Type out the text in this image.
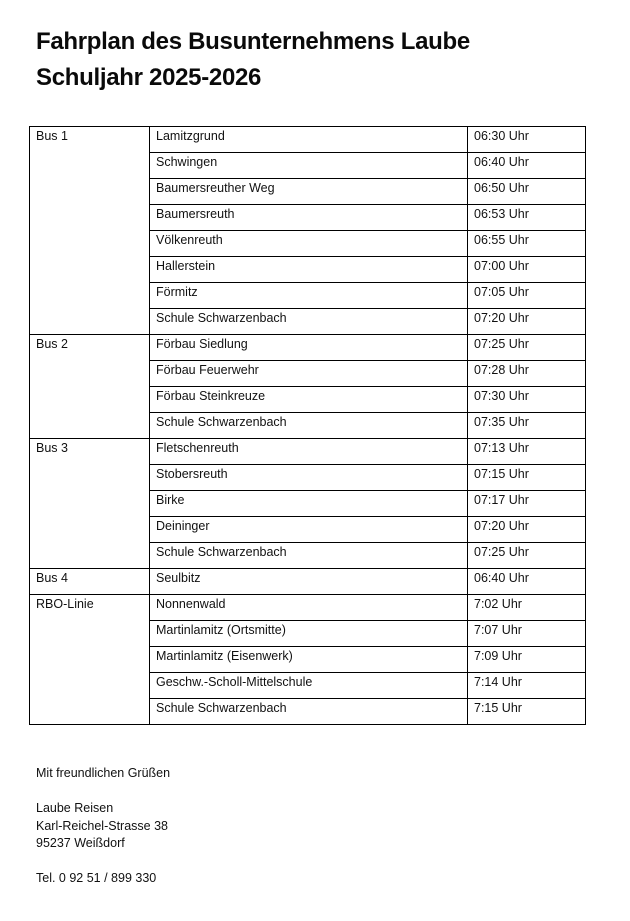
Fahrplan des Busunternehmens Laube
Schuljahr 2025-2026
Bus 1	Lamitzgrund	06:30 Uhr
	Schwingen	06:40 Uhr
	Baumersreuther Weg	06:50 Uhr
	Baumersreuth	06:53 Uhr
	Völkenreuth	06:55 Uhr
	Hallerstein	07:00 Uhr
	Förmitz	07:05 Uhr
	Schule Schwarzenbach	07:20 Uhr
Bus 2	Förbau Siedlung	07:25 Uhr
	Förbau Feuerwehr	07:28 Uhr
	Förbau Steinkreuze	07:30 Uhr
	Schule Schwarzenbach	07:35 Uhr
Bus 3	Fletschenreuth	07:13 Uhr
	Stobersreuth	07:15 Uhr
	Birke	07:17 Uhr
	Deininger	07:20 Uhr
	Schule Schwarzenbach	07:25 Uhr
Bus 4	Seulbitz	06:40 Uhr
RBO-Linie	Nonnenwald	7:02 Uhr
	Martinlamitz (Ortsmitte)	7:07 Uhr
	Martinlamitz (Eisenwerk)	7:09 Uhr
	Geschw.-Scholl-Mittelschule	7:14 Uhr
	Schule Schwarzenbach	7:15 Uhr
Mit freundlichen Grüßen
Laube Reisen
Karl-Reichel-Strasse 38
95237 Weißdorf
Tel. 0 92 51 / 899 330
